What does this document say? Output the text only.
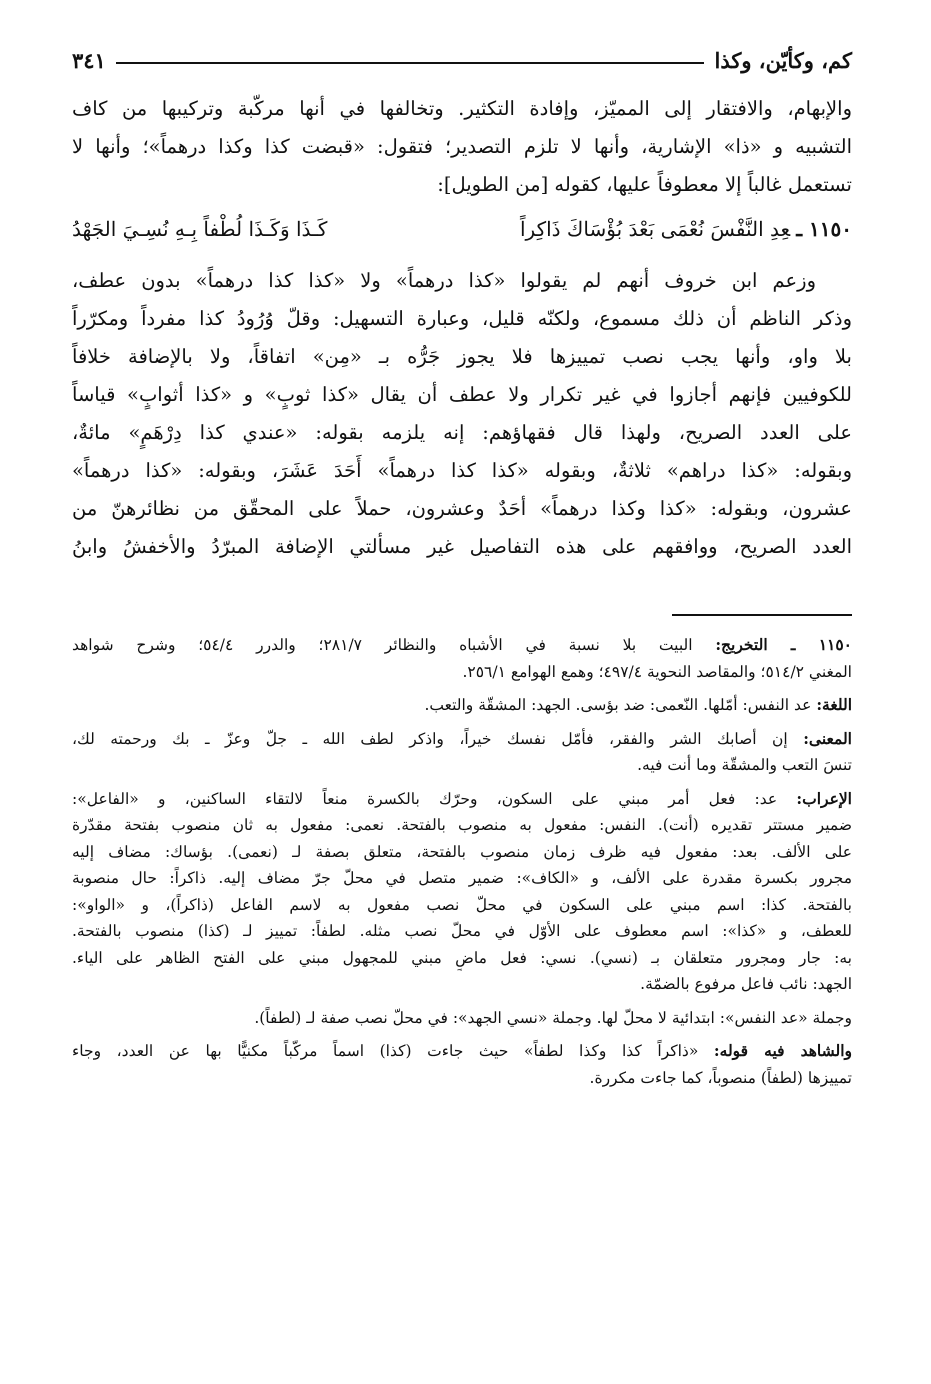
كم، وكأيّن، وكذا
٣٤١
والإبهام، والافتقار إلى المميّز، وإفادة التكثير. وتخالفها في أنها مركّبة وتركيبها من كاف
التشبيه و «ذا» الإشارية، وأنها لا تلزم التصدير؛ فتقول: «قبضت كذا وكذا درهماً»؛ وأنها لا
تستعمل غالباً إلا معطوفاً عليها، كقوله [من الطويل]:
١١٥٠ ـعِدِ النَّفْسَ نُعْمَى بَعْدَ بُؤْسَاكَ ذَاكِراً
كَـذَا وَكَـذَا لُطْفاً بِـهِ نُسِـيَ الجَهْدُ
وزعم ابن خروف أنهم لم يقولوا «كذا درهماً» ولا «كذا كذا درهماً» بدون عطف،
وذكر الناظم أن ذلك مسموع، ولكنّه قليل، وعبارة التسهيل: وقلّ وُرُودُ كذا مفرداً ومكرّراً
بلا واو، وأنها يجب نصب تمييزها فلا يجوز جَرُّه بـ «مِن» اتفاقاً، ولا بالإضافة خلافاً
للكوفيين فإنهم أجازوا في غير تكرار ولا عطف أن يقال «كذا ثوبٍ» و «كذا أثوابٍ» قياساً
على العدد الصريح، ولهذا قال فقهاؤهم: إنه يلزمه بقوله: «عندي كذا دِرْهَمٍ» مائةٌ،
وبقوله: «كذا دراهم» ثلاثةٌ، وبقوله «كذا كذا درهماً» أَحَدَ عَشَرَ، وبقوله: «كذا درهماً»
عشرون، وبقوله: «كذا وكذا درهماً» أحَدٌ وعشرون، حملاً على المحقّق من نظائرهنّ من
العدد الصريح، ووافقهم على هذه التفاصيل غير مسألتي الإضافة المبرّدُ والأخفشُ وابنُ
١١٥٠ ـ التخريج: البيت بلا نسبة في الأشباه والنظائر ٢٨١/٧؛ والدرر ٥٤/٤؛ وشرح شواهد
المغني ٥١٤/٢؛ والمقاصد النحوية ٤٩٧/٤؛ وهمع الهوامع ٢٥٦/١.
اللغة: عد النفس: أمّلها. النّعمى: ضد بؤسى. الجهد: المشقّة والتعب.
المعنى: إن أصابك الشر والفقر، فأمّل نفسك خيراً، واذكر لطف الله ـ جلّ وعزّ ـ بك ورحمته لك،
تنسَ التعب والمشقّة وما أنت فيه.
الإعراب: عد: فعل أمر مبني على السكون، وحرّك بالكسرة منعاً لالتقاء الساكنين، و «الفاعل»:
ضمير مستتر تقديره (أنت). النفس: مفعول به منصوب بالفتحة. نعمى: مفعول به ثان منصوب بفتحة مقدّرة
على الألف. بعد: مفعول فيه ظرف زمان منصوب بالفتحة، متعلق بصفة لـ (نعمى). بؤساك: مضاف إليه
مجرور بكسرة مقدرة على الألف، و «الكاف»: ضمير متصل في محلّ جرّ مضاف إليه. ذاكراً: حال منصوبة
بالفتحة. كذا: اسم مبني على السكون في محلّ نصب مفعول به لاسم الفاعل (ذاكراً)، و «الواو»:
للعطف، و «كذا»: اسم معطوف على الأوّل في محلّ نصب مثله. لطفاً: تمييز لـ (كذا) منصوب بالفتحة.
به: جار ومجرور متعلقان بـ (نسي). نسي: فعل ماضٍ مبني للمجهول مبني على الفتح الظاهر على الياء.
الجهد: نائب فاعل مرفوع بالضمّة.
وجملة «عد النفس»: ابتدائية لا محلّ لها. وجملة «نسي الجهد»: في محلّ نصب صفة لـ (لطفاً).
والشاهد فيه قوله: «ذاكراً كذا وكذا لطفاً» حيث جاءت (كذا) اسماً مركّباً مكنيًّا بها عن العدد، وجاء
تمييزها (لطفاً) منصوباً، كما جاءت مكررة.
